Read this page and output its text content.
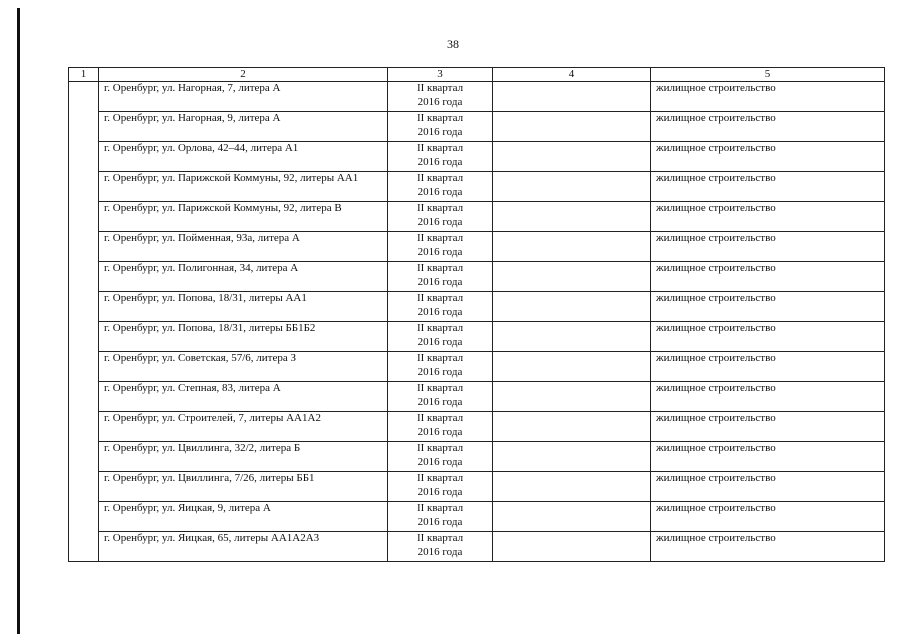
38
1	2	3	4	5
	г. Оренбург, ул. Нагорная, 7, литера А	II квартал
2016 года		жилищное строительство
	г. Оренбург, ул. Нагорная, 9, литера А	II квартал
2016 года		жилищное строительство
	г. Оренбург, ул. Орлова, 42–44, литера А1	II квартал
2016 года		жилищное строительство
	г. Оренбург, ул. Парижской Коммуны, 92, литеры АА1	II квартал
2016 года		жилищное строительство
	г. Оренбург, ул. Парижской Коммуны, 92, литера В	II квартал
2016 года		жилищное строительство
	г. Оренбург, ул. Пойменная, 93а, литера А	II квартал
2016 года		жилищное строительство
	г. Оренбург, ул. Полигонная, 34, литера А	II квартал
2016 года		жилищное строительство
	г. Оренбург, ул. Попова, 18/31, литеры АА1	II квартал
2016 года		жилищное строительство
	г. Оренбург, ул. Попова, 18/31, литеры ББ1Б2	II квартал
2016 года		жилищное строительство
	г. Оренбург, ул. Советская, 57/6, литера З	II квартал
2016 года		жилищное строительство
	г. Оренбург, ул. Степная, 83, литера А	II квартал
2016 года		жилищное строительство
	г. Оренбург, ул. Строителей, 7, литеры АА1А2	II квартал
2016 года		жилищное строительство
	г. Оренбург, ул. Цвиллинга, 32/2, литера Б	II квартал
2016 года		жилищное строительство
	г. Оренбург, ул. Цвиллинга, 7/26, литеры ББ1	II квартал
2016 года		жилищное строительство
	г. Оренбург, ул. Яицкая, 9, литера А	II квартал
2016 года		жилищное строительство
	г. Оренбург, ул. Яицкая, 65, литеры АА1А2А3	II квартал
2016 года		жилищное строительство
